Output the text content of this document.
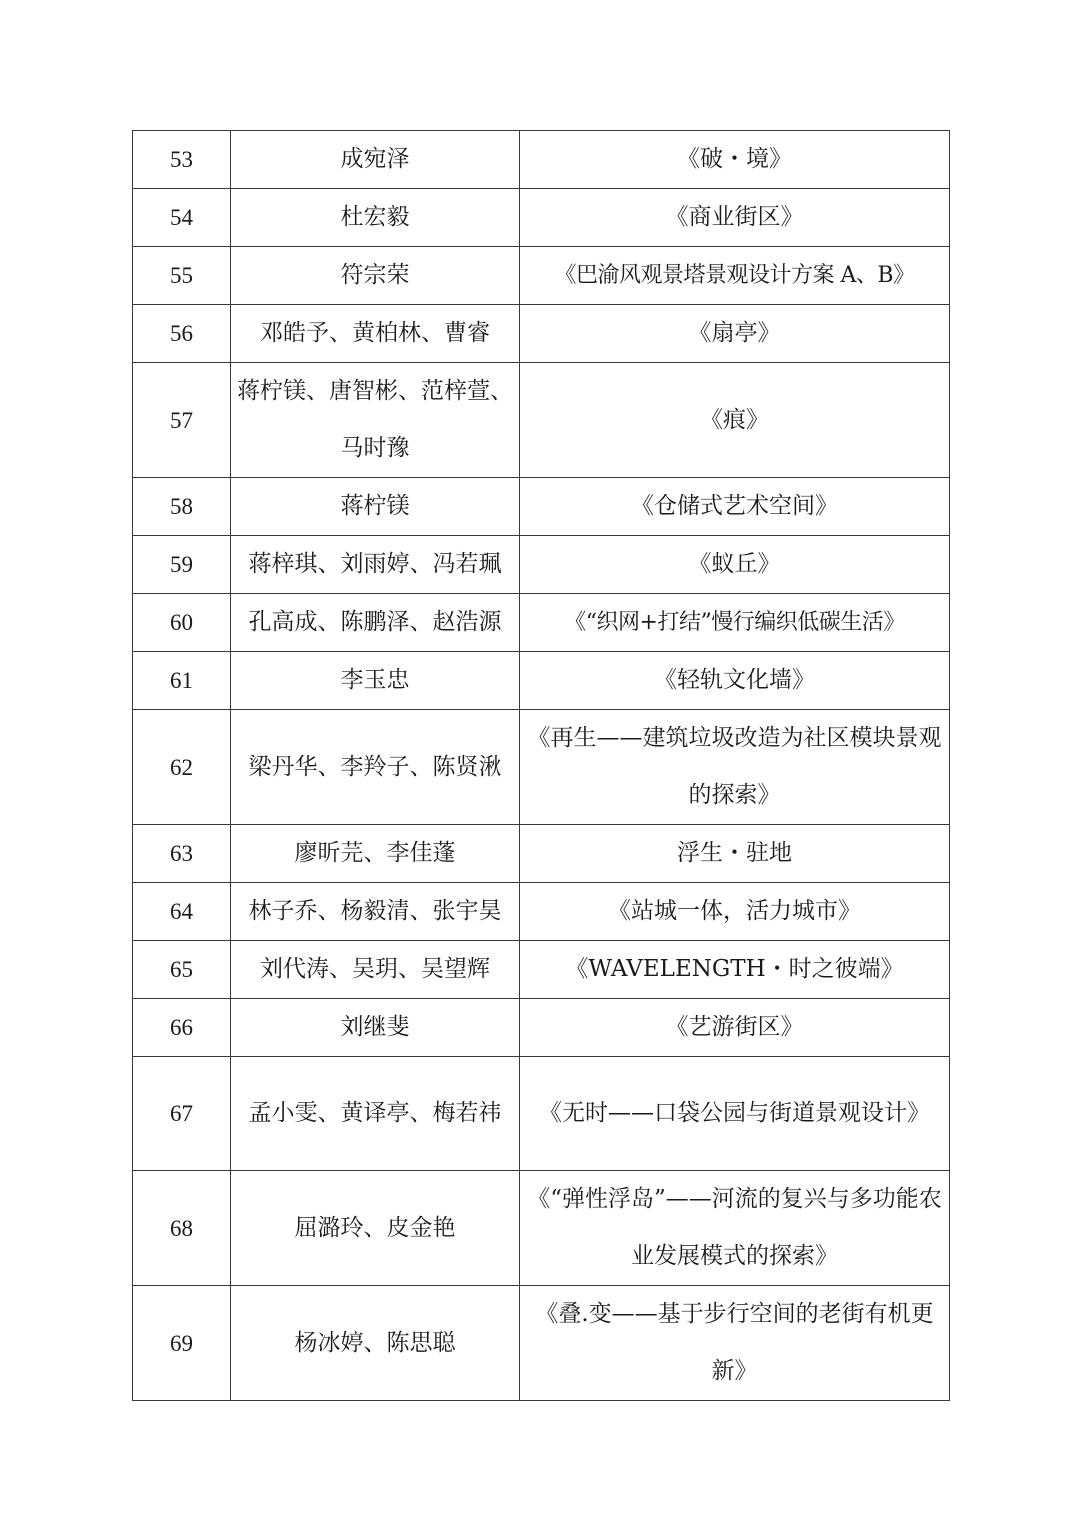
53	成宛泽	《破・境》
54	杜宏毅	《商业街区》
55	符宗荣	《巴渝风观景塔景观设计方案 A、B》
56	邓皓予、黄柏林、曹睿	《扇亭》
57	蒋柠镁、唐智彬、范梓萱、马时豫	《痕》
58	蒋柠镁	《仓储式艺术空间》
59	蒋梓琪、刘雨婷、冯若珮	《蚁丘》
60	孔高成、陈鹏泽、赵浩源	《“织网+打结”慢行编织低碳生活》
61	李玉忠	《轻轨文化墙》
62	梁丹华、李羚子、陈贤湫	《再生——建筑垃圾改造为社区模块景观的探索》
63	廖昕芫、李佳蓬	浮生・驻地
64	林子乔、杨毅清、张宇昊	《站城一体，活力城市》
65	刘代涛、吴玥、吴望辉	《WAVELENGTH・时之彼端》
66	刘继斐	《艺游街区》
67	孟小雯、黄译亭、梅若祎	《无时——口袋公园与街道景观设计》
68	屈潞玲、皮金艳	《“弹性浮岛”——河流的复兴与多功能农业发展模式的探索》
69	杨冰婷、陈思聪	《叠.变——基于步行空间的老街有机更新》
